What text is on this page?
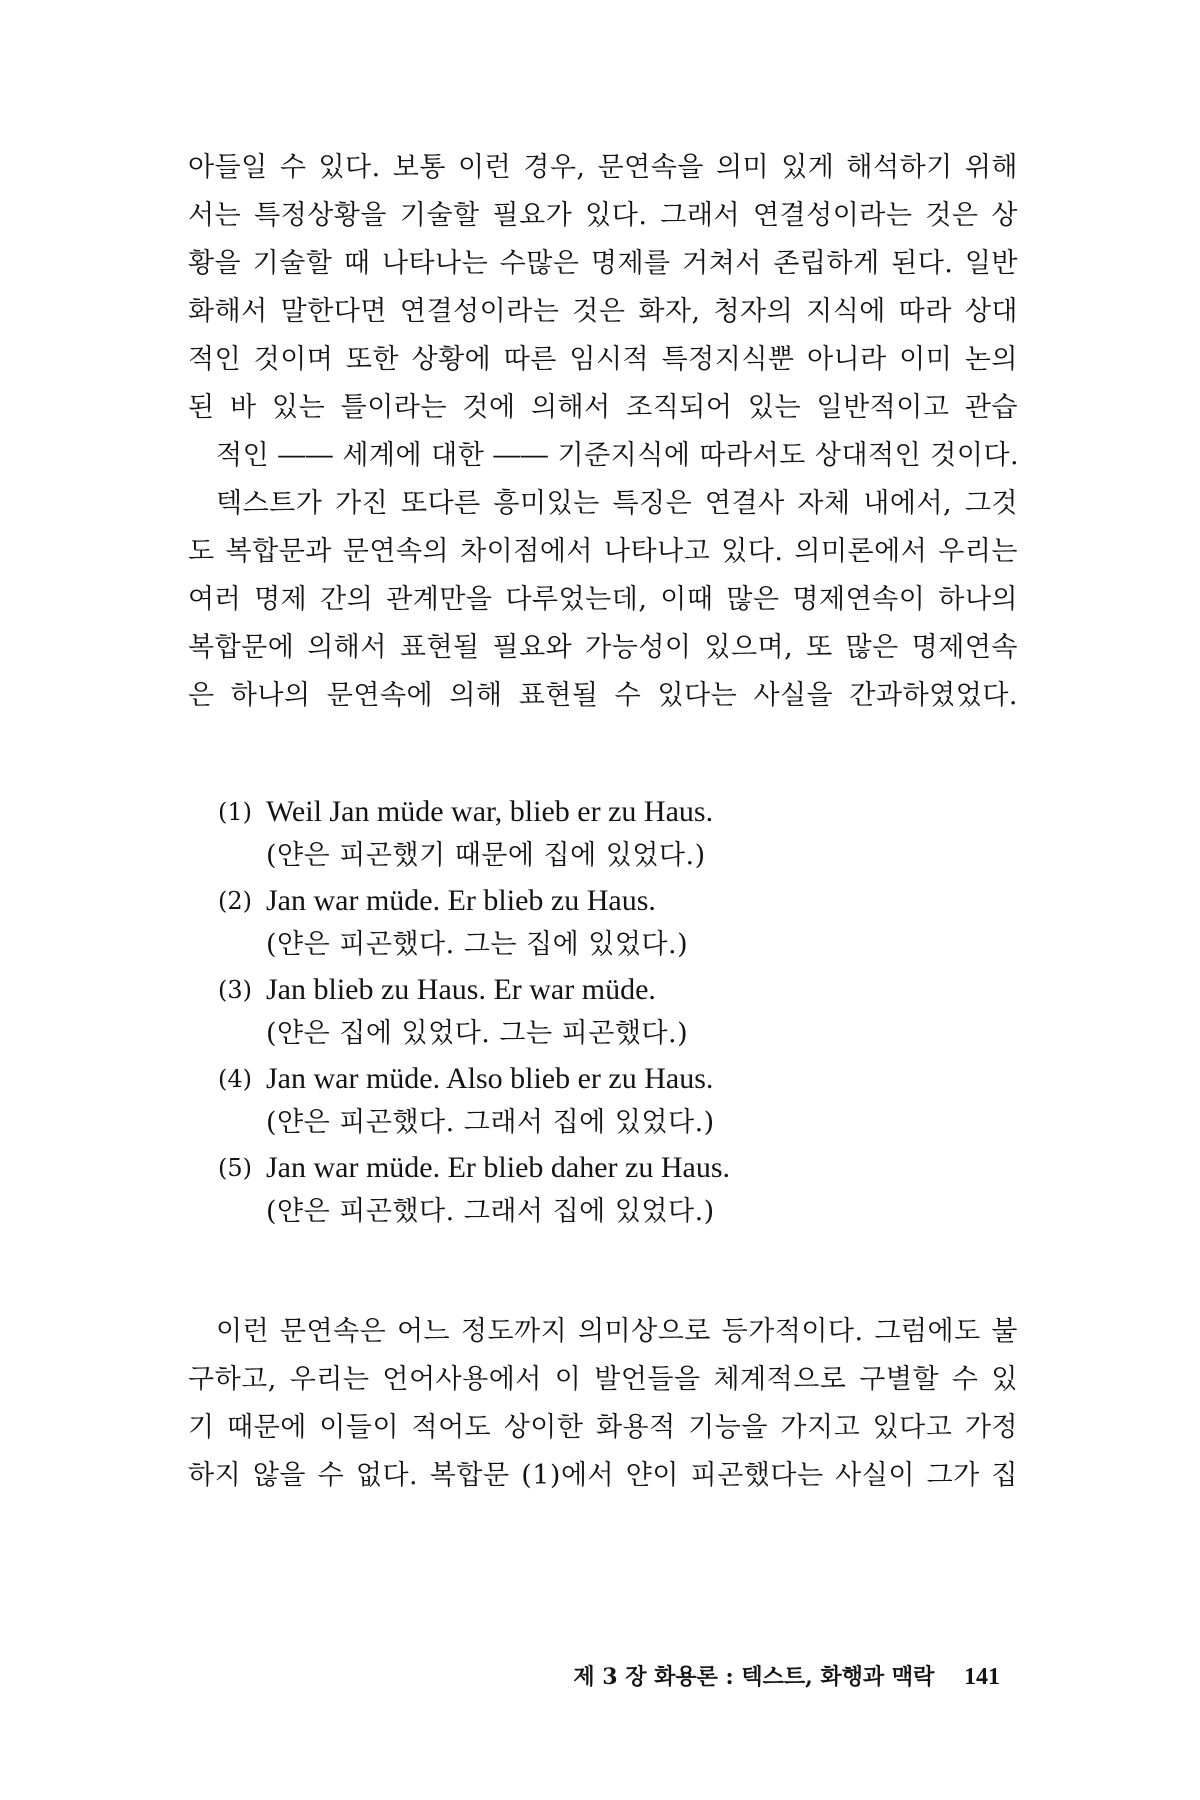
아들일 수 있다. 보통 이런 경우, 문연속을 의미 있게 해석하기 위해
서는 특정상황을 기술할 필요가 있다. 그래서 연결성이라는 것은 상
황을 기술할 때 나타나는 수많은 명제를 거쳐서 존립하게 된다. 일반
화해서 말한다면 연결성이라는 것은 화자, 청자의 지식에 따라 상대
적인 것이며 또한 상황에 따른 임시적 특정지식뿐 아니라 이미 논의
된 바 있는 틀이라는 것에 의해서 조직되어 있는 일반적이고 관습
적인 ―― 세계에 대한 ―― 기준지식에 따라서도 상대적인 것이다.
텍스트가 가진 또다른 흥미있는 특징은 연결사 자체 내에서, 그것
도 복합문과 문연속의 차이점에서 나타나고 있다. 의미론에서 우리는
여러 명제 간의 관계만을 다루었는데, 이때 많은 명제연속이 하나의
복합문에 의해서 표현될 필요와 가능성이 있으며, 또 많은 명제연속
은 하나의 문연속에 의해 표현될 수 있다는 사실을 간과하였었다.
(1) Weil Jan müde war, blieb er zu Haus.
(얀은 피곤했기 때문에 집에 있었다.)
(2) Jan war müde. Er blieb zu Haus.
(얀은 피곤했다. 그는 집에 있었다.)
(3) Jan blieb zu Haus. Er war müde.
(얀은 집에 있었다. 그는 피곤했다.)
(4) Jan war müde. Also blieb er zu Haus.
(얀은 피곤했다. 그래서 집에 있었다.)
(5) Jan war müde. Er blieb daher zu Haus.
(얀은 피곤했다. 그래서 집에 있었다.)
이런 문연속은 어느 정도까지 의미상으로 등가적이다. 그럼에도 불
구하고, 우리는 언어사용에서 이 발언들을 체계적으로 구별할 수 있
기 때문에 이들이 적어도 상이한 화용적 기능을 가지고 있다고 가정
하지 않을 수 없다. 복합문 (1)에서 얀이 피곤했다는 사실이 그가 집
제 3 장 화용론 : 텍스트, 화행과 맥락 141
